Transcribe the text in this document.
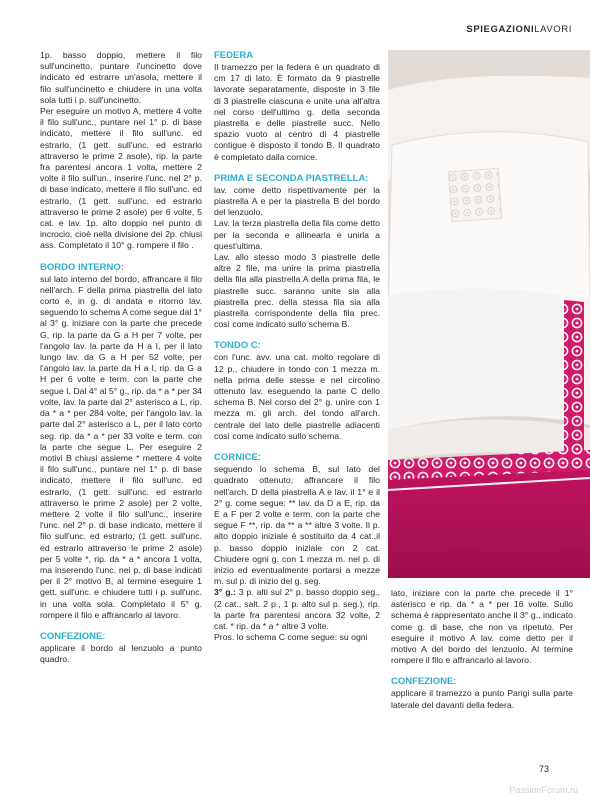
SPIEGAZIONILAVORI

1p. basso doppio, mettere il filo sull'uncinetto, puntare l'uncinetto dove indicato ed estrarre un'asola, mettere il filo sull'uncinetto e chiudere in una volta sola tutti i p. sull'uncinetto.

Per eseguire un motivo A, mettere 4 volte il filo sull'unc., puntare nel 1° p. di base indicato, mettere il filo sull'unc. ed estrarlo, (1 gett. sull'unc. ed estrarlo attraverso le prime 2 asole), rip. la parte fra parentesi ancora 1 volta, mettere 2 volte il filo sull'un., inserire l'unc. nel 2° p. di base indicato, mettere il filo sull'unc. ed estrarlo, (1 gett. sull'unc. ed estrarlo attraverso le prime 2 asole) per 6 volte, 5 cat. e lav. 1p. alto doppio nel punto di incrocio, cioè nella divisione dei 2p. chiusi ass. Completato il 10° g. rompere il filo .

BORDO INTERNO:

sul lato interno del bordo, affrancare il filo nell'arch. F della prima piastrella del lato corto e, in g. di andata e ritorno lav. seguendo lo schema A come segue dal 1° al 3° g. iniziare con la parte che precede G, rip. la parte da G a H per 7 volte, per l'angolo lav. la parte da H a I, per il lato lungo lav. da G a H per 52 volte, per l'angolo lav. la parte da H a I, rip. da G a H per 6 volte e term. con la parte che segue I. Dal 4° al 5° g., rip. da * a * per 34 volte, lav. la parte dal 2° asterisco a L, rip. da * a * per 284 volte, per l'angolo lav. la parte dal 2° asterisco a L, per il lato corto seg. rip. da * a * per 33 volte e term. con la parte che segue L. Per eseguire 2 motivi B chiusi assieme * mettere 4 volte il filo sull'unc., puntare nel 1° p. di base indicato, mettere il filo sull'unc. ed estrarlo, (1 gett. sull'unc. ed estrarlo attraverso le prime 2 asole) per 2 volte, mettere 2 volte il filo sull'unc., inserire l'unc. nel 2° p. di base indicato, mettere il filo sull'unc. ed estrarlo, (1 gett. sull'unc. ed estrarlo attraverso le prime 2 asole) per 5 volte *, rip. da * a * ancora 1 volta, ma inserendo l'unc. nei p. di base indicati per il 2° motivo B, al termine eseguire 1 gett. sull'unc. e chiudere tutti i p. sull'unc. in una volta sola. Completato il 5° g. rompere il filo e affrancarlo al lavoro.

CONFEZIONE:

applicare il bordo al lenzuolo a punto quadro.

FEDERA

Il tramezzo per la federa è un quadrato di cm 17 di lato. È formato da 9 piastrelle lavorate separatamente, disposte in 3 file di 3 piastrelle ciascuna e unite una all'altra nel corso dell'ultimo g. della seconda piastrella e delle piastrelle succ. Nello spazio vuoto al centro di 4 piastrelle contigue è disposto il tondo B. Il quadrato è completato dalla cornice.

PRIMA E SECONDA PIASTRELLA:

lav. come detto rispettivamente per la piastrella A e per la piastrella B del bordo del lenzuolo.

Lav. la terza piastrella della fila come detto per la seconda e allinearla e unirla a quest'ultima.

Lav. allo stesso modo 3 piastrelle delle altre 2 file, ma unire la prima piastrella della fila alla piastrella A della prima fila, le piastrelle succ. saranno unite sia alla piastrella prec. della stessa fila sia alla piastrella corrispondente della fila prec. così come indicato sullo schema B.

TONDO C:

con l'unc. avv. una cat. molto regolare di 12 p., chiudere in tondo con 1 mezza m. nella prima delle stesse e nel circolino ottenuto lav. eseguendo la parte C dello schema B. Nel corso del 2° g. unire con 1 mezza m. gli arch. del tondo all'arch. centrale del lato delle piastrelle adiacenti così come indicato sullo schema.

CORNICE:

seguendo lo schema B, sul lato del quadrato ottenuto, affrancare il filo nell'arch. D della piastrella A e lav. il 1° e il 2° g. come segue: ** lav. da D a E, rip. da E a F per 2 volte e term. con la parte che segue F **, rip. da ** a ** altre 3 volte. Il p. alto doppio iniziale è sostituito da 4 cat.,il p. basso doppio iniziale con 2 cat. Chiudere ogni g. con 1 mezza m. nel p. di inizio ed eventualmente portarsi a mezze m. sul p. di inizio del g. seg.

3° g.: 3 p. alti sul 2° p. basso doppio seg., (2 cat., salt. 2 p., 1 p. alto sul p. seg.), rip. la parte fra parentesi ancora 32 volte, 2 cat. * rip. da * a * altre 3 volte.

Pros. lo schema C come segue: su ogni

lato, iniziare con la parte che precede il 1° asterisco e rip. da * a * per 16 volte. Sullo schema è rappresentato anche il 3° g., indicato come g. di base, che non va ripetuto. Per eseguire il motivo A lav. come detto per il motivo A del bordo del lenzuolo. Al termine rompere il filo e affrancarlo al lavoro.

CONFEZIONE:

applicare il tramezzo a punto Parigi sulla parte laterale del davanti della federa.

73
PassionForum.ru
